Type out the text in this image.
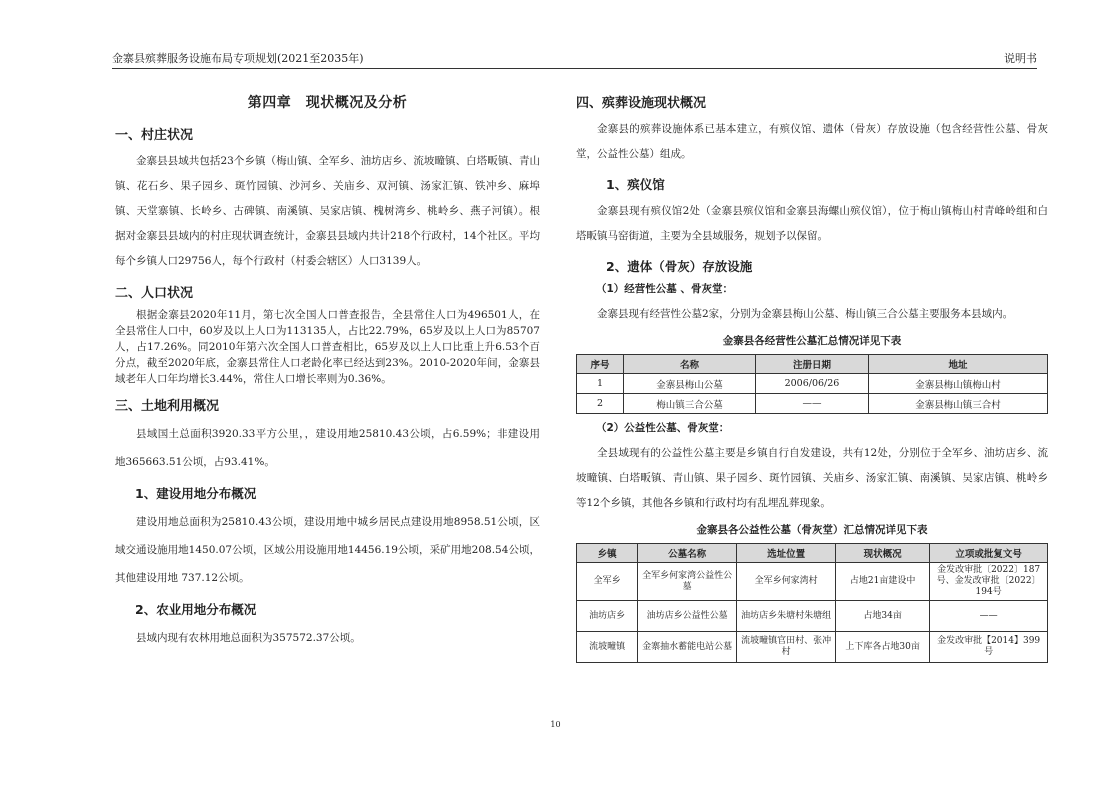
金寨县殡葬服务设施布局专项规划(2021至2035年)	说明书
第四章　现状概况及分析
一、村庄状况

金寨县县域共包括23个乡镇（梅山镇、全军乡、油坊店乡、流坡疃镇、白塔畈镇、青山镇、花石乡、果子园乡、斑竹园镇、沙河乡、关庙乡、双河镇、汤家汇镇、铁冲乡、麻埠镇、天堂寨镇、长岭乡、古碑镇、南溪镇、吴家店镇、槐树湾乡、桃岭乡、燕子河镇）。根据对金寨县县域内的村庄现状调查统计，金寨县县域内共计218个行政村，14个社区。平均每个乡镇人口29756人，每个行政村（村委会辖区）人口3139人。

二、人口状况

根据金寨县2020年11月，第七次全国人口普查报告，全县常住人口为496501人，在全县常住人口中，60岁及以上人口为113135人，占比22.79%，65岁及以上人口为85707人，占17.26%。同2010年第六次全国人口普查相比，65岁及以上人口比重上升6.53个百分点，截至2020年底，金寨县常住人口老龄化率已经达到23%。2010-2020年间，金寨县域老年人口年均增长3.44%，常住人口增长率则为0.36%。

三、土地利用概况

县域国土总面积3920.33平方公里，，建设用地25810.43公顷，占6.59%；非建设用地365663.51公顷，占93.41%。

1、建设用地分布概况

建设用地总面积为25810.43公顷，建设用地中城乡居民点建设用地8958.51公顷，区域交通设施用地1450.07公顷，区域公用设施用地14456.19公顷，采矿用地208.54公顷，其他建设用地 737.12公顷。

2、农业用地分布概况

县域内现有农林用地总面积为357572.37公顷。

四、殡葬设施现状概况

金寨县的殡葬设施体系已基本建立，有殡仪馆、遗体（骨灰）存放设施（包含经营性公墓、骨灰堂，公益性公墓）组成。

1、殡仪馆

金寨县现有殡仪馆2处（金寨县殡仪馆和金寨县海螺山殡仪馆），位于梅山镇梅山村青峰岭组和白塔畈镇马窑街道，主要为全县域服务，规划予以保留。

2、遗体（骨灰）存放设施
（1）经营性公墓 、骨灰堂：

金寨县现有经营性公墓2家，分别为金寨县梅山公墓、梅山镇三合公墓主要服务本县域内。

金寨县各经营性公墓汇总情况详见下表
序号	名称	注册日期	地址
1	金寨县梅山公墓	2006/06/26	金寨县梅山镇梅山村
2	梅山镇三合公墓	——	金寨县梅山镇三合村
（2）公益性公墓、骨灰堂：

全县域现有的公益性公墓主要是乡镇自行自发建设，共有12处，分别位于全军乡、油坊店乡、流坡疃镇、白塔畈镇、青山镇、果子园乡、斑竹园镇、关庙乡、汤家汇镇、南溪镇、吴家店镇、桃岭乡等12个乡镇，其他各乡镇和行政村均有乱埋乱葬现象。

金寨县各公益性公墓（骨灰堂）汇总情况详见下表
乡镇	公墓名称	选址位置	现状概况	立项或批复文号
全军乡	全军乡何家湾公益性公墓	全军乡何家湾村	占地21亩建设中	金发改审批〔2022〕187号、金发改审批〔2022〕194号
油坊店乡	油坊店乡公益性公墓	油坊店乡朱塘村朱塘组	占地34亩	——
流坡疃镇	金寨抽水蓄能电站公墓	流坡疃镇官田村、张冲村	上下库各占地30亩	金发改审批【2014】399号
10
